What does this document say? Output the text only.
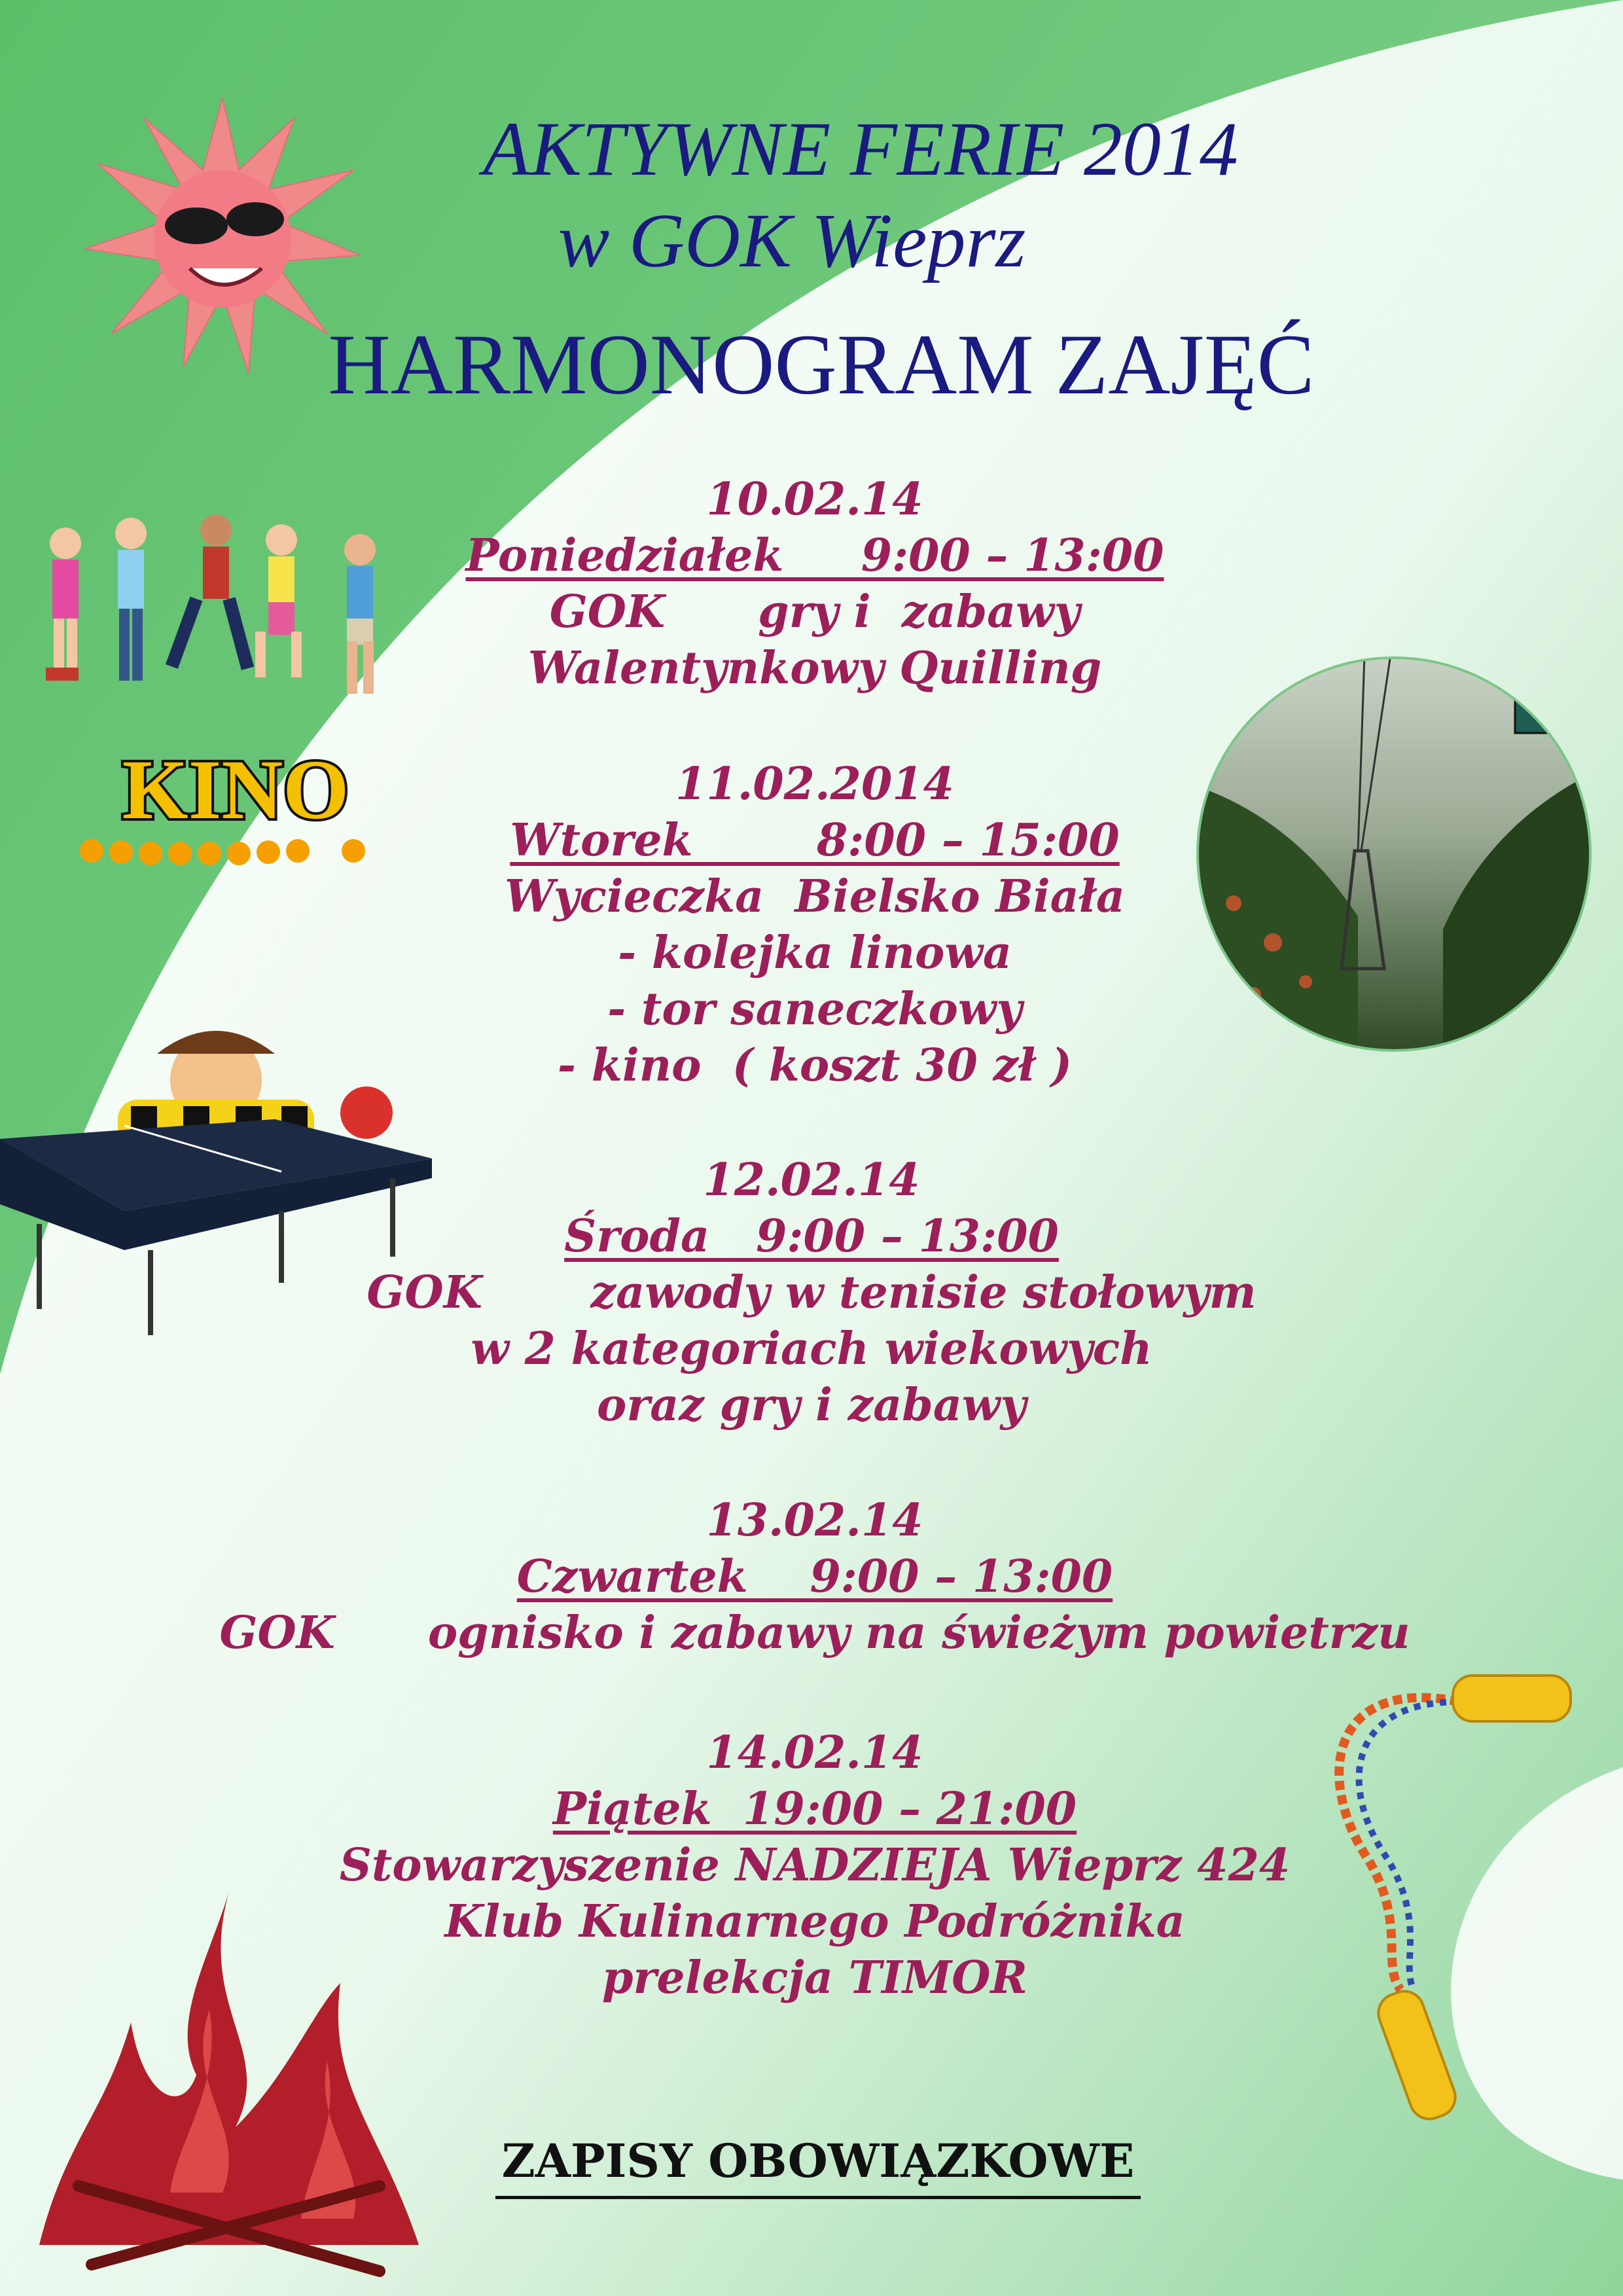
KINO
AKTYWNE FERIE 2014
w GOK Wieprz
HARMONOGRAM ZAJĘĆ
10.02.14
Poniedziałek     9:00 – 13:00
GOK      gry i  zabawy
Walentynkowy Quilling
11.02.2014
Wtorek        8:00 – 15:00
Wycieczka  Bielsko Biała
- kolejka linowa
- tor saneczkowy
- kino  ( koszt 30 zł )
12.02.14
Środa   9:00 – 13:00
GOK       zawody w tenisie stołowym
w 2 kategoriach wiekowych
oraz gry i zabawy
13.02.14
Czwartek    9:00 – 13:00
GOK      ognisko i zabawy na świeżym powietrzu
14.02.14
Piątek  19:00 – 21:00
Stowarzyszenie NADZIEJA Wieprz 424
Klub Kulinarnego Podróżnika
prelekcja TIMOR
ZAPISY OBOWIĄZKOWE
